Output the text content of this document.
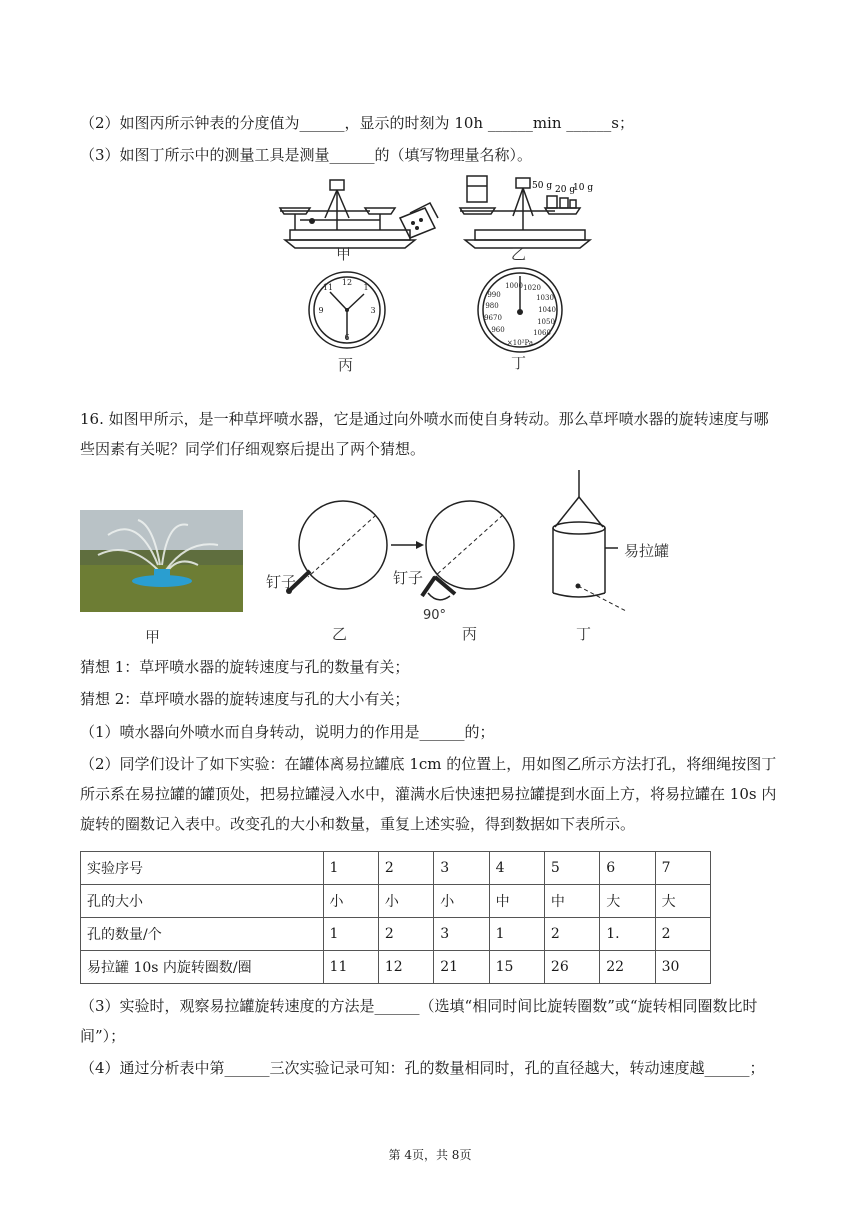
（2）如图丙所示钟表的分度值为______，显示的时刻为 10h ______min ______s；
（3）如图丁所示中的测量工具是测量______的（填写物理量名称）。
50 g 20 g
10 g
12
1
3
6
9
11	1000 1020
990	1030
980	1040
9670	1050
960	1060
×10²Pa
甲	乙
丙	丁
16. 如图甲所示，是一种草坪喷水器，它是通过向外喷水而使自身转动。那么草坪喷水器的旋转速度与哪些因素有关呢？同学们仔细观察后提出了两个猜想。
钉子	钉子
90°
易拉罐
甲	乙	丙	丁
猜想 1：草坪喷水器的旋转速度与孔的数量有关；
猜想 2：草坪喷水器的旋转速度与孔的大小有关；
（1）喷水器向外喷水而自身转动，说明力的作用是______的；
（2）同学们设计了如下实验：在罐体离易拉罐底 1cm 的位置上，用如图乙所示方法打孔，将细绳按图丁所示系在易拉罐的罐顶处，把易拉罐浸入水中，灌满水后快速把易拉罐提到水面上方，将易拉罐在 10s 内旋转的圈数记入表中。改变孔的大小和数量，重复上述实验，得到数据如下表所示。
实验序号	1	2	3	4	5	6	7
孔的大小	小	小	小	中	中	大	大
孔的数量/个	1	2	3	1	2	1.	2
易拉罐 10s 内旋转圈数/圈	11	12	21	15	26	22	30
（3）实验时，观察易拉罐旋转速度的方法是______（选填“相同时间比旋转圈数”或“旋转相同圈数比时间”）；
（4）通过分析表中第______三次实验记录可知：孔的数量相同时，孔的直径越大，转动速度越______；
第 4页，共 8页
